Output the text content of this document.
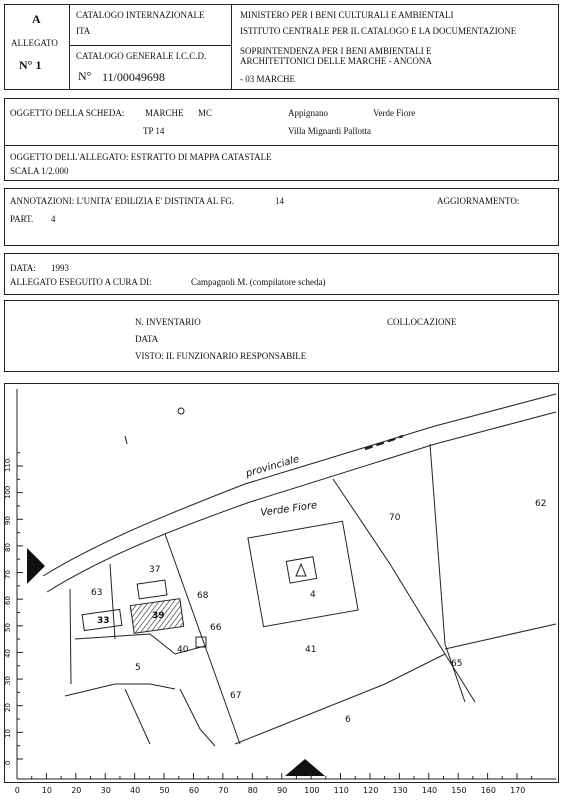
A
ALLEGATO
N° 1
CATALOGO INTERNAZIONALE
ITA
CATALOGO GENERALE I.C.C.D.
N° 11/00049698
MINISTERO PER I BENI CULTURALI E AMBIENTALI
ISTITUTO CENTRALE PER IL CATALOGO E LA DOCUMENTAZIONE
SOPRINTENDENZA PER I BENI AMBIENTALI E
ARCHITETTONICI DELLE MARCHE - ANCONA
- 03 MARCHE
OGGETTO DELLA SCHEDA: MARCHE MC	Appignano	Verde Fiore
TP 14	Villa Mignardi Pallotta
OGGETTO DELL'ALLEGATO: ESTRATTO DI MAPPA CATASTALE
SCALA 1/2.000
ANNOTAZIONI: L'UNITA' EDILIZIA E' DISTINTA AL FG.	14	AGGIORNAMENTO:
PART. 4
DATA: 1993
ALLEGATO ESEGUITO A CURA DI:	Campagnoli M. (compilatore scheda)
N. INVENTARIO	COLLOCAZIONE
DATA
VISTO: IL FUNZIONARIO RESPONSABILE
provinciale
Verde Fiore	62
70
4
37
63
33	39
68
66
40	41
5	65
67
6
0
10
20
30
40
50
60
70
80
90
100
110
0	10 20 30 40 50 60 70 80 90 100 110 120 130 140 150 160 170
